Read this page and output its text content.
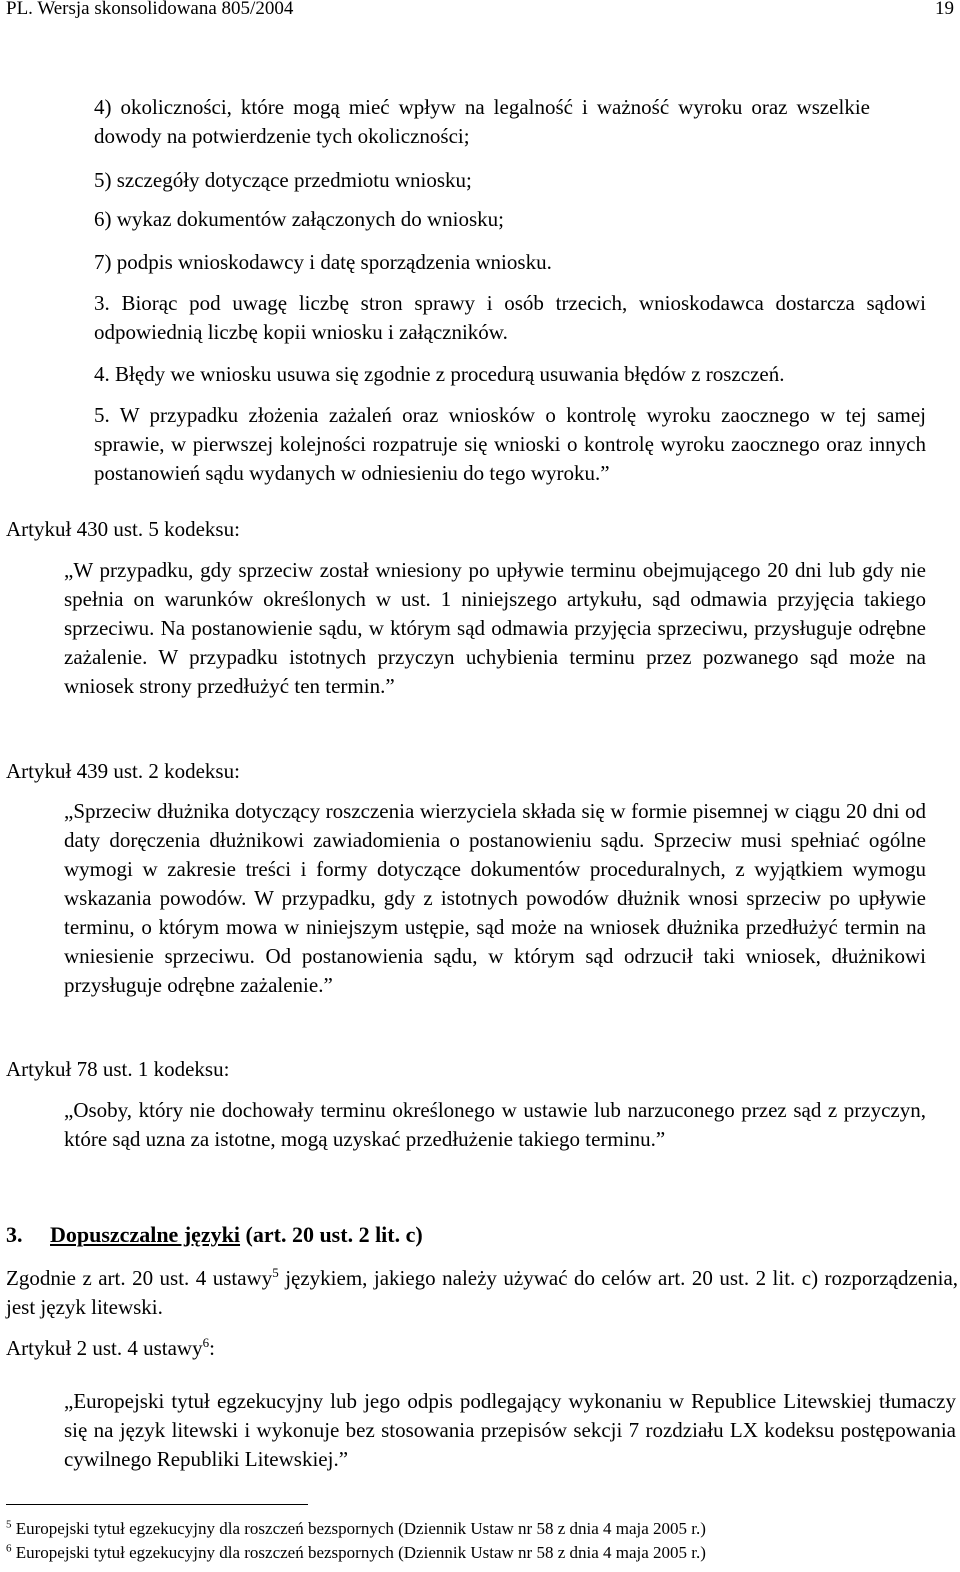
PL. Wersja skonsolidowana 805/2004	19
4) okoliczności, które mogą mieć wpływ na legalność i ważność wyroku oraz wszelkie dowody na potwierdzenie tych okoliczności;
5) szczegóły dotyczące przedmiotu wniosku;
6) wykaz dokumentów załączonych do wniosku;
7) podpis wnioskodawcy i datę sporządzenia wniosku.
3. Biorąc pod uwagę liczbę stron sprawy i osób trzecich, wnioskodawca dostarcza sądowi odpowiednią liczbę kopii wniosku i załączników.
4. Błędy we wniosku usuwa się zgodnie z procedurą usuwania błędów z roszczeń.
5. W przypadku złożenia zażaleń oraz wniosków o kontrolę wyroku zaocznego w tej samej sprawie, w pierwszej kolejności rozpatruje się wnioski o kontrolę wyroku zaocznego oraz innych postanowień sądu wydanych w odniesieniu do tego wyroku.”
Artykuł 430 ust. 5 kodeksu:
„W przypadku, gdy sprzeciw został wniesiony po upływie terminu obejmującego 20 dni lub gdy nie spełnia on warunków określonych w ust. 1 niniejszego artykułu, sąd odmawia przyjęcia takiego sprzeciwu. Na postanowienie sądu, w którym sąd odmawia przyjęcia sprzeciwu, przysługuje odrębne zażalenie. W przypadku istotnych przyczyn uchybienia terminu przez pozwanego sąd może na wniosek strony przedłużyć ten termin.”
Artykuł 439 ust. 2 kodeksu:
„Sprzeciw dłużnika dotyczący roszczenia wierzyciela składa się w formie pisemnej w ciągu 20 dni od daty doręczenia dłużnikowi zawiadomienia o postanowieniu sądu. Sprzeciw musi spełniać ogólne wymogi w zakresie treści i formy dotyczące dokumentów proceduralnych, z wyjątkiem wymogu wskazania powodów. W przypadku, gdy z istotnych powodów dłużnik wnosi sprzeciw po upływie terminu, o którym mowa w niniejszym ustępie, sąd może na wniosek dłużnika przedłużyć termin na wniesienie sprzeciwu. Od postanowienia sądu, w którym sąd odrzucił taki wniosek, dłużnikowi przysługuje odrębne zażalenie.”
Artykuł 78 ust. 1 kodeksu:
„Osoby, który nie dochowały terminu określonego w ustawie lub narzuconego przez sąd z przyczyn, które sąd uzna za istotne, mogą uzyskać przedłużenie takiego terminu.”
3. Dopuszczalne języki (art. 20 ust. 2 lit. c)
Zgodnie z art. 20 ust. 4 ustawy$^5$ językiem, jakiego należy używać do celów art. 20 ust. 2 lit. c) rozporządzenia, jest język litewski.
Artykuł 2 ust. 4 ustawy$^6$:
„Europejski tytuł egzekucyjny lub jego odpis podlegający wykonaniu w Republice Litewskiej tłumaczy się na język litewski i wykonuje bez stosowania przepisów sekcji 7 rozdziału LX kodeksu postępowania cywilnego Republiki Litewskiej.”
$^5$ Europejski tytuł egzekucyjny dla roszczeń bezspornych (Dziennik Ustaw nr 58 z dnia 4 maja 2005 r.)
$^6$ Europejski tytuł egzekucyjny dla roszczeń bezspornych (Dziennik Ustaw nr 58 z dnia 4 maja 2005 r.)
